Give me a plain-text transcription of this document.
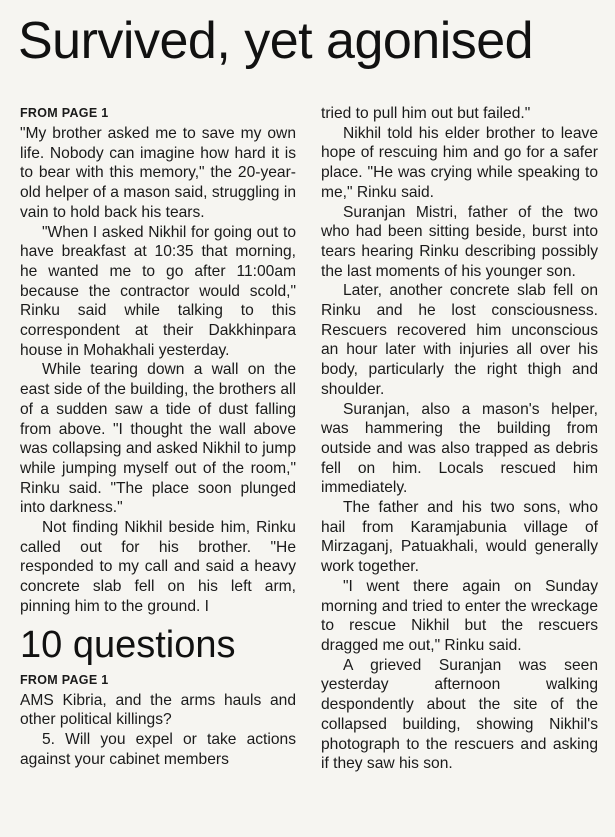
Survived, yet agonised

FROM PAGE 1

"My brother asked me to save my own life. Nobody can imagine how hard it is to bear with this memory," the 20-year-old helper of a mason said, struggling in vain to hold back his tears.

"When I asked Nikhil for going out to have breakfast at 10:35 that morning, he wanted me to go after 11:00am because the contractor would scold," Rinku said while talking to this correspondent at their Dakkhinpara house in Mohakhali yesterday.

While tearing down a wall on the east side of the building, the brothers all of a sudden saw a tide of dust falling from above. "I thought the wall above was collapsing and asked Nikhil to jump while jumping myself out of the room," Rinku said. "The place soon plunged into darkness."

Not finding Nikhil beside him, Rinku called out for his brother. "He responded to my call and said a heavy concrete slab fell on his left arm, pinning him to the ground. I

10 questions

FROM PAGE 1

AMS Kibria, and the arms hauls and other political killings?

5. Will you expel or take actions against your cabinet members

tried to pull him out but failed."

Nikhil told his elder brother to leave hope of rescuing him and go for a safer place. "He was crying while speaking to me," Rinku said.

Suranjan Mistri, father of the two who had been sitting beside, burst into tears hearing Rinku describing possibly the last moments of his younger son.

Later, another concrete slab fell on Rinku and he lost consciousness. Rescuers recovered him unconscious an hour later with injuries all over his body, particularly the right thigh and shoulder.

Suranjan, also a mason's helper, was hammering the building from outside and was also trapped as debris fell on him. Locals rescued him immediately.

The father and his two sons, who hail from Karamjabunia village of Mirzaganj, Patuakhali, would generally work together.

"I went there again on Sunday morning and tried to enter the wreckage to rescue Nikhil but the rescuers dragged me out," Rinku said.

A grieved Suranjan was seen yesterday afternoon walking despondently about the site of the collapsed building, showing Nikhil's photograph to the rescuers and asking if they saw his son.
